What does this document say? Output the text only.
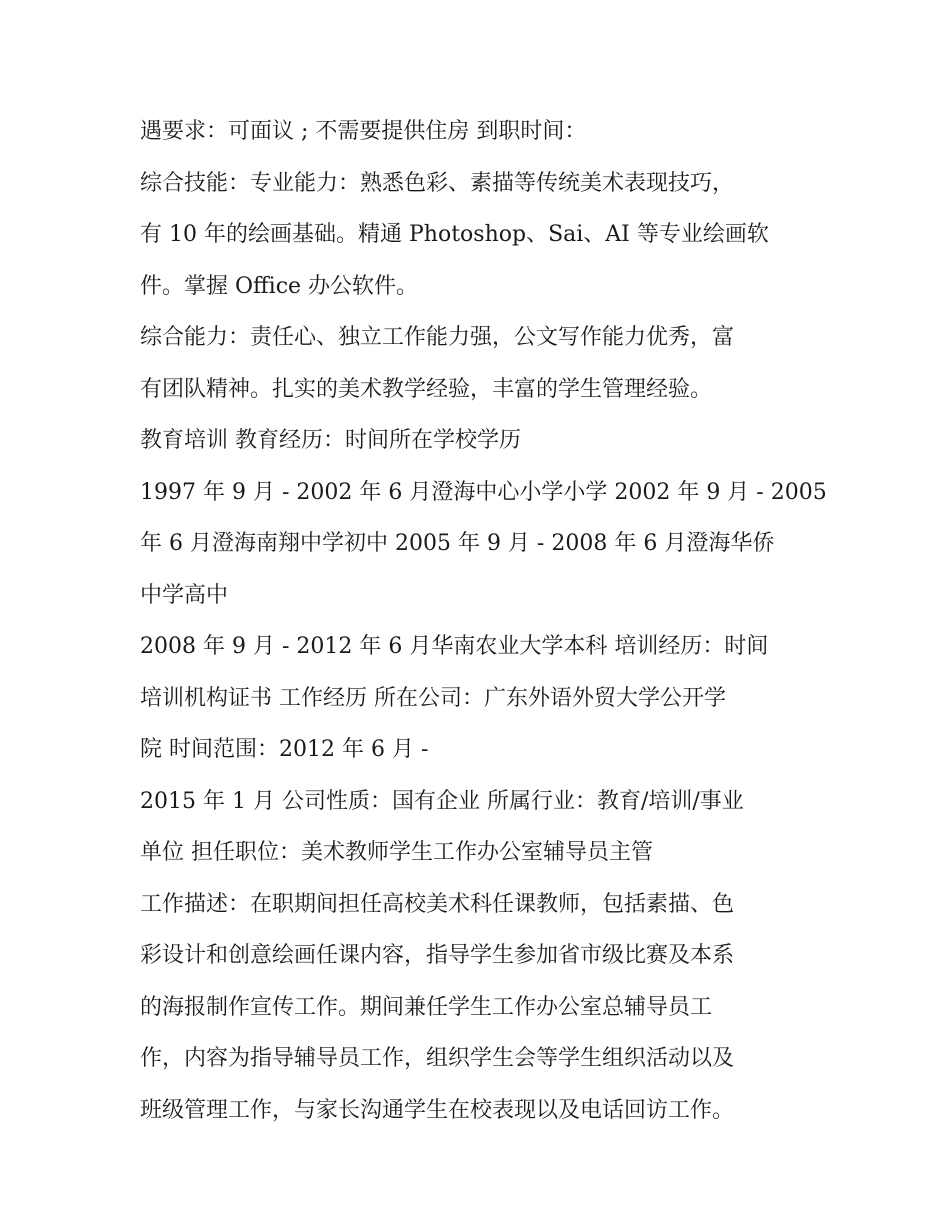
遇要求：可面议 ; 不需要提供住房 到职时间：
综合技能：专业能力：熟悉色彩、素描等传统美术表现技巧，
有 10 年的绘画基础。精通 Photoshop、Sai、AI 等专业绘画软
件。掌握 Office 办公软件。
综合能力：责任心、独立工作能力强，公文写作能力优秀，富
有团队精神。扎实的美术教学经验，丰富的学生管理经验。
教育培训 教育经历：时间所在学校学历
1997 年 9 月 - 2002 年 6 月澄海中心小学小学 2002 年 9 月 - 2005
年 6 月澄海南翔中学初中 2005 年 9 月 - 2008 年 6 月澄海华侨
中学高中
2008 年 9 月 - 2012 年 6 月华南农业大学本科 培训经历：时间
培训机构证书 工作经历 所在公司：广东外语外贸大学公开学
院 时间范围：2012 年 6 月 -
2015 年 1 月 公司性质：国有企业 所属行业：教育/培训/事业
单位 担任职位：美术教师学生工作办公室辅导员主管
工作描述：在职期间担任高校美术科任课教师，包括素描、色
彩设计和创意绘画任课内容，指导学生参加省市级比赛及本系
的海报制作宣传工作。期间兼任学生工作办公室总辅导员工
作，内容为指导辅导员工作，组织学生会等学生组织活动以及
班级管理工作，与家长沟通学生在校表现以及电话回访工作。
